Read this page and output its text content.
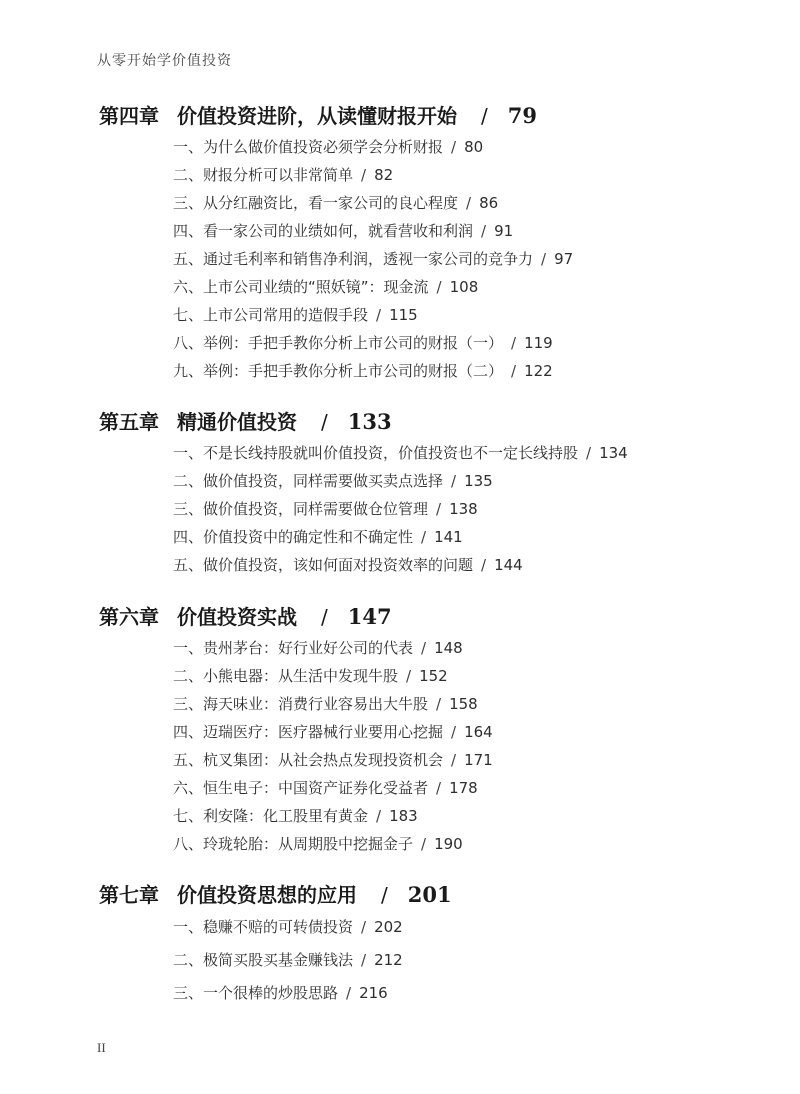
从零开始学价值投资
第四章 价值投资进阶，从读懂财报开始 / 79
一、为什么做价值投资必须学会分析财报 / 80
二、财报分析可以非常简单 / 82
三、从分红融资比，看一家公司的良心程度 / 86
四、看一家公司的业绩如何，就看营收和利润 / 91
五、通过毛利率和销售净利润，透视一家公司的竞争力 / 97
六、上市公司业绩的“照妖镜”：现金流 / 108
七、上市公司常用的造假手段 / 115
八、举例：手把手教你分析上市公司的财报（一） / 119
九、举例：手把手教你分析上市公司的财报（二） / 122
第五章 精通价值投资 / 133
一、不是长线持股就叫价值投资，价值投资也不一定长线持股 / 134
二、做价值投资，同样需要做买卖点选择 / 135
三、做价值投资，同样需要做仓位管理 / 138
四、价值投资中的确定性和不确定性 / 141
五、做价值投资，该如何面对投资效率的问题 / 144
第六章 价值投资实战 / 147
一、贵州茅台：好行业好公司的代表 / 148
二、小熊电器：从生活中发现牛股 / 152
三、海天味业：消费行业容易出大牛股 / 158
四、迈瑞医疗：医疗器械行业要用心挖掘 / 164
五、杭叉集团：从社会热点发现投资机会 / 171
六、恒生电子：中国资产证券化受益者 / 178
七、利安隆：化工股里有黄金 / 183
八、玲珑轮胎：从周期股中挖掘金子 / 190
第七章 价值投资思想的应用 / 201
一、稳赚不赔的可转债投资 / 202
二、极简买股买基金赚钱法 / 212
三、一个很棒的炒股思路 / 216
II
